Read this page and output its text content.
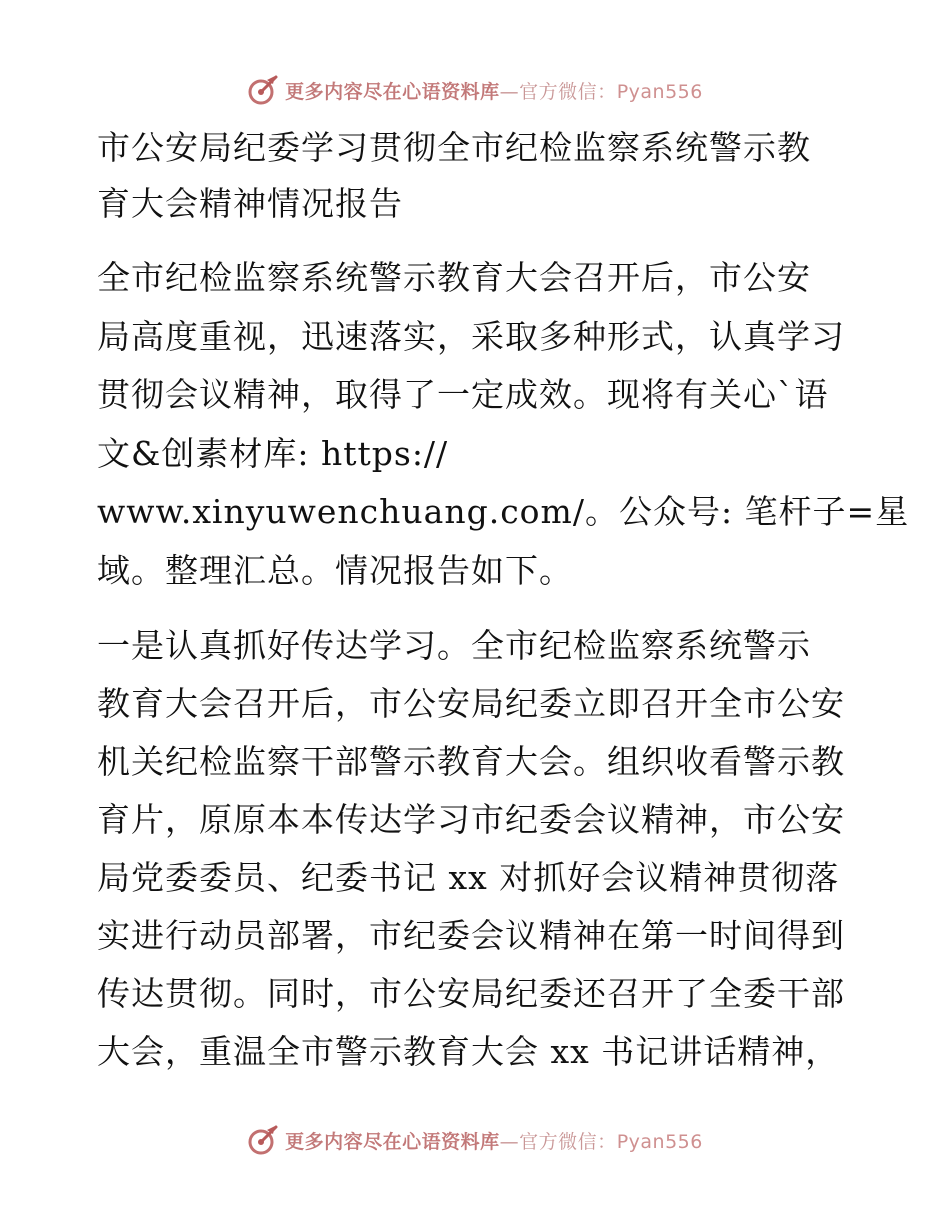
更多内容尽在心语资料库—官方微信：Pyan556
市公安局纪委学习贯彻全市纪检监察系统警示教
育大会精神情况报告
全市纪检监察系统警示教育大会召开后，市公安
局高度重视，迅速落实，采取多种形式，认真学习
贯彻会议精神，取得了一定成效。现将有关心`语
文&创素材库: https://
www.xinyuwenchuang.com/。公众号: 笔杆子=星
域。整理汇总。情况报告如下。
一是认真抓好传达学习。全市纪检监察系统警示
教育大会召开后，市公安局纪委立即召开全市公安
机关纪检监察干部警示教育大会。组织收看警示教
育片，原原本本传达学习市纪委会议精神，市公安
局党委委员、纪委书记 xx 对抓好会议精神贯彻落
实进行动员部署，市纪委会议精神在第一时间得到
传达贯彻。同时，市公安局纪委还召开了全委干部
大会，重温全市警示教育大会 xx 书记讲话精神，
更多内容尽在心语资料库—官方微信：Pyan556
